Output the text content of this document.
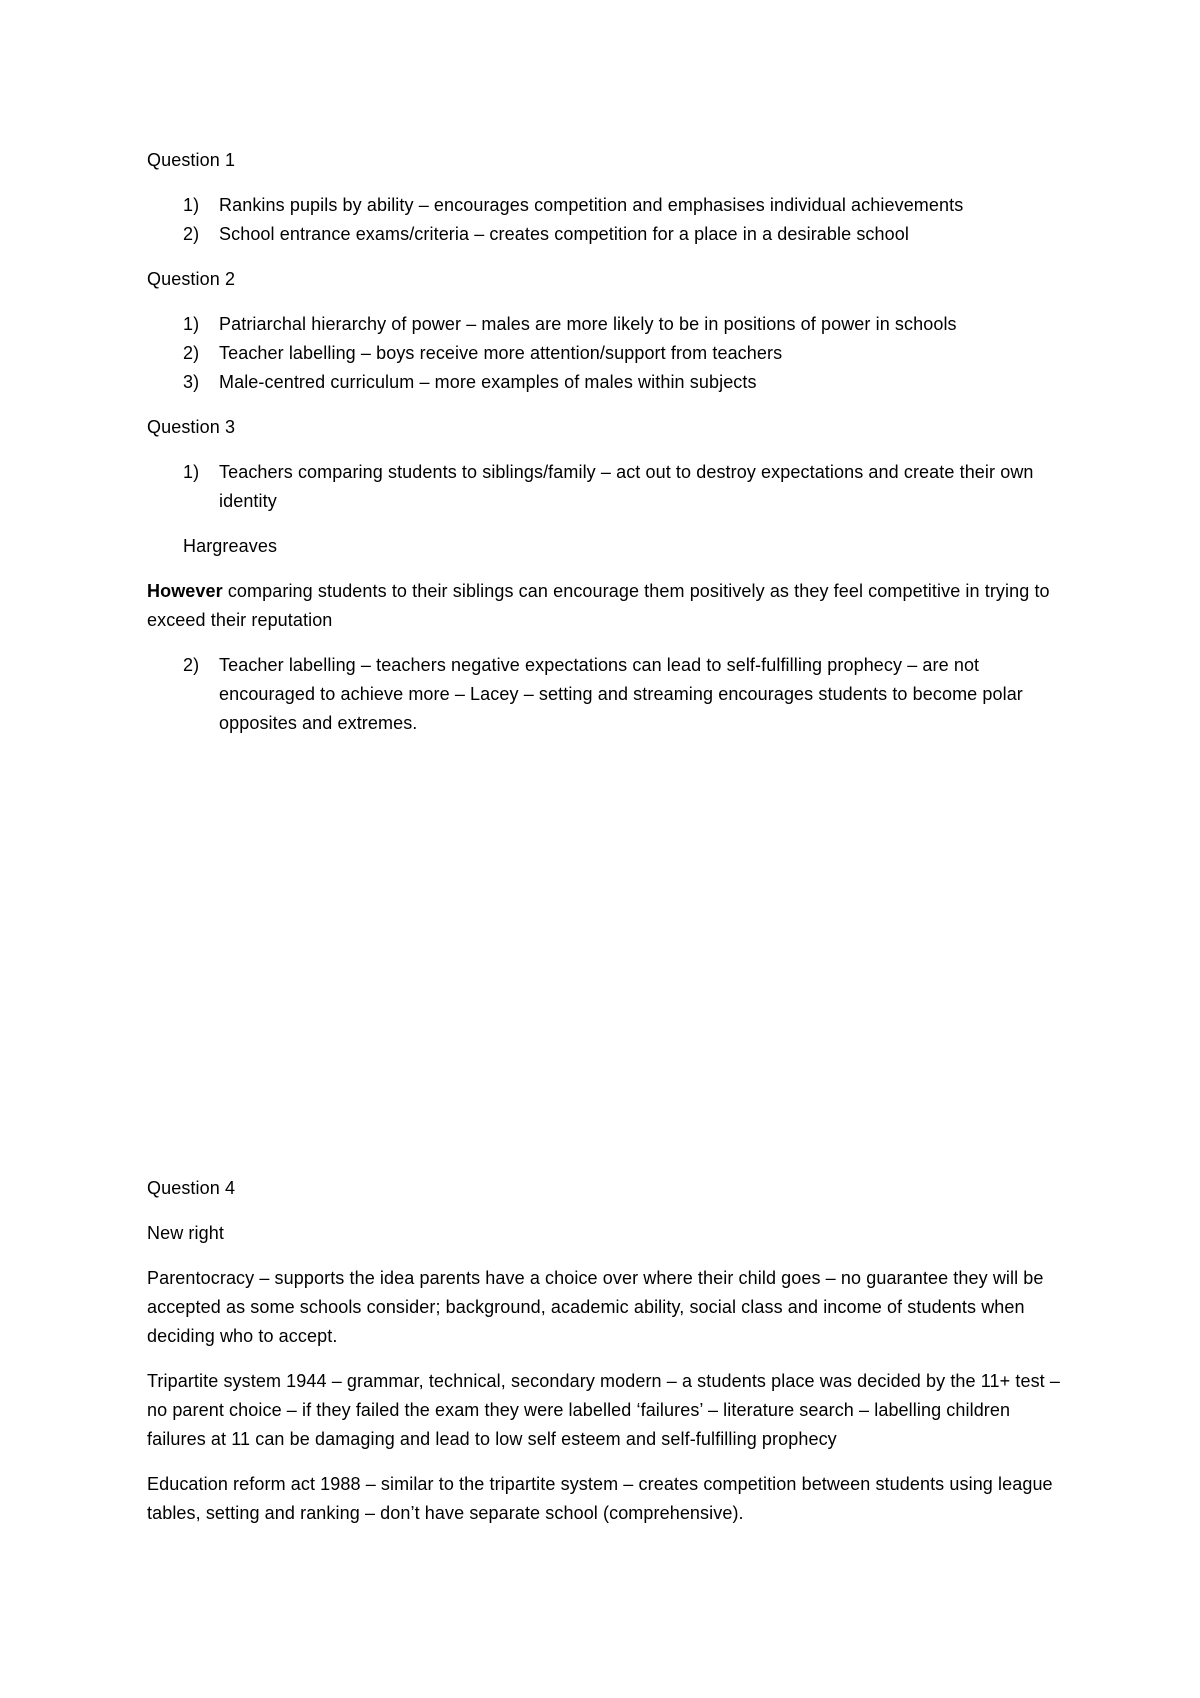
Question 1

1)	Rankins pupils by ability – encourages competition and emphasises individual achievements
2)	School entrance exams/criteria – creates competition for a place in a desirable school

Question 2

1)	Patriarchal hierarchy of power – males are more likely to be in positions of power in schools
2)	Teacher labelling – boys receive more attention/support from teachers
3)	Male-centred curriculum – more examples of males within subjects

Question 3

1)	Teachers comparing students to siblings/family – act out to destroy expectations and create their own identity

Hargreaves

However comparing students to their siblings can encourage them positively as they feel competitive in trying to exceed their reputation

2)	Teacher labelling – teachers negative expectations can lead to self-fulfilling prophecy – are not encouraged to achieve more – Lacey – setting and streaming encourages students to become polar opposites and extremes.

Question 4

New right

Parentocracy – supports the idea parents have a choice over where their child goes – no guarantee they will be accepted as some schools consider; background, academic ability, social class and income of students when deciding who to accept.

Tripartite system 1944 – grammar, technical, secondary modern – a students place was decided by the 11+ test – no parent choice – if they failed the exam they were labelled ‘failures’ – literature search – labelling children failures at 11 can be damaging and lead to low self esteem and self-fulfilling prophecy

Education reform act 1988 – similar to the tripartite system – creates competition between students using league tables, setting and ranking – don’t have separate school (comprehensive).
